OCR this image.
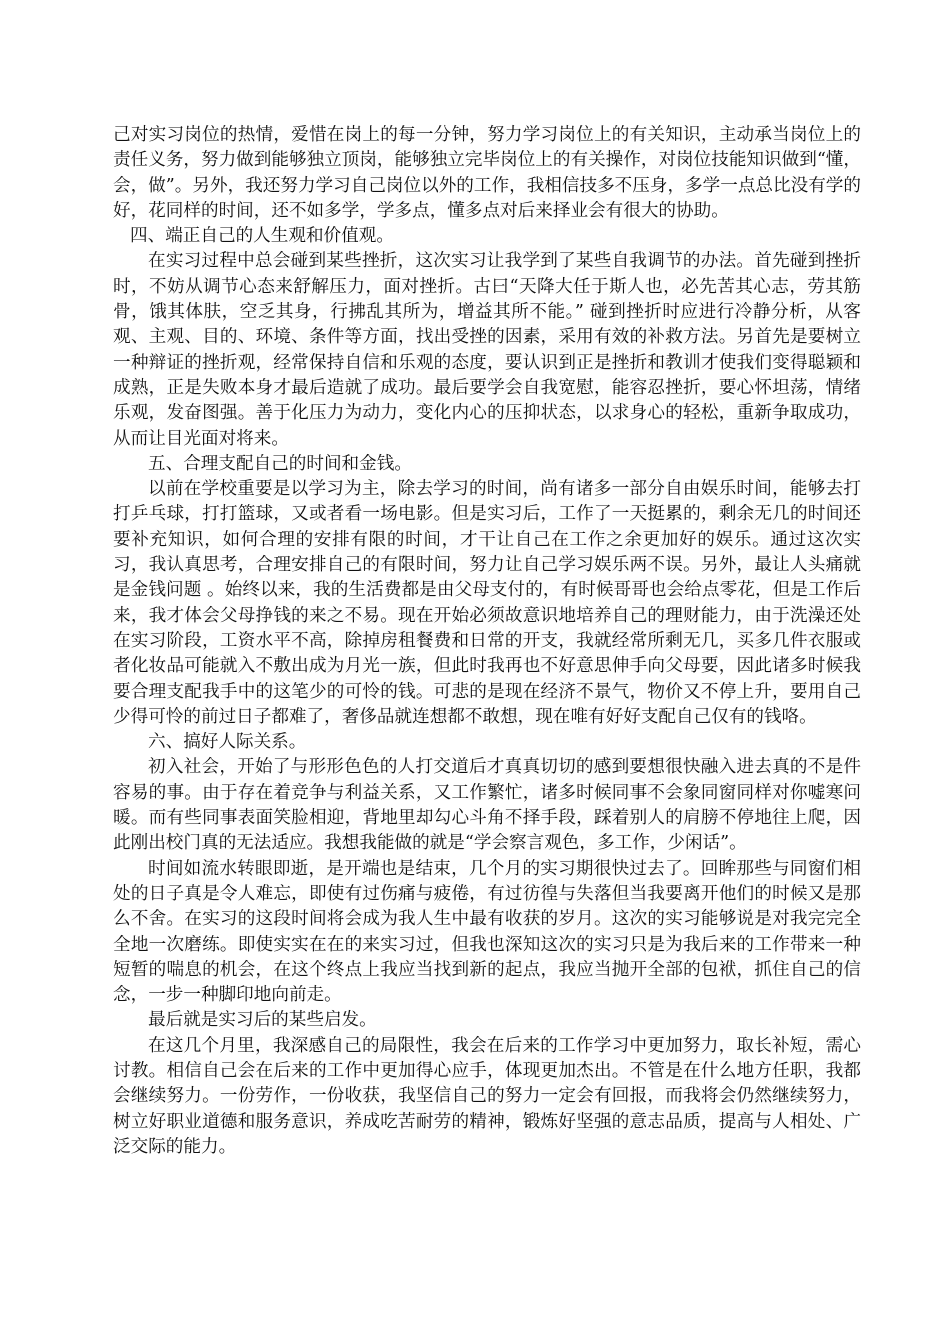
己对实习岗位的热情，爱惜在岗上的每一分钟，努力学习岗位上的有关知识，主动承当岗位上的责任义务，努力做到能够独立顶岗，能够独立完毕岗位上的有关操作，对岗位技能知识做到“懂，会，做”。另外，我还努力学习自己岗位以外的工作，我相信技多不压身，多学一点总比没有学的好，花同样的时间，还不如多学，学多点，懂多点对后来择业会有很大的协助。

四、端正自己的人生观和价值观。

在实习过程中总会碰到某些挫折，这次实习让我学到了某些自我调节的办法。首先碰到挫折时，不妨从调节心态来舒解压力，面对挫折。古曰“天降大任于斯人也，必先苦其心志，劳其筋骨，饿其体肤，空乏其身，行拂乱其所为，增益其所不能。” 碰到挫折时应进行冷静分析，从客观、主观、目的、环境、条件等方面，找出受挫的因素，采用有效的补救方法。另首先是要树立一种辩证的挫折观，经常保持自信和乐观的态度，要认识到正是挫折和教训才使我们变得聪颖和成熟，正是失败本身才最后造就了成功。最后要学会自我宽慰，能容忍挫折，要心怀坦荡，情绪乐观，发奋图强。善于化压力为动力，变化内心的压抑状态，以求身心的轻松，重新争取成功，从而让目光面对将来。

五、合理支配自己的时间和金钱。

以前在学校重要是以学习为主，除去学习的时间，尚有诸多一部分自由娱乐时间，能够去打打乒乓球，打打篮球，又或者看一场电影。但是实习后，工作了一天挺累的，剩余无几的时间还要补充知识，如何合理的安排有限的时间，才干让自己在工作之余更加好的娱乐。通过这次实习，我认真思考，合理安排自己的有限时间，努力让自己学习娱乐两不误。另外，最让人头痛就是金钱问题 。始终以来，我的生活费都是由父母支付的，有时候哥哥也会给点零花，但是工作后来，我才体会父母挣钱的来之不易。现在开始必须故意识地培养自己的理财能力，由于洗澡还处在实习阶段，工资水平不高，除掉房租餐费和日常的开支，我就经常所剩无几，买多几件衣服或者化妆品可能就入不敷出成为月光一族，但此时我再也不好意思伸手向父母要，因此诸多时候我要合理支配我手中的这笔少的可怜的钱。可悲的是现在经济不景气，物价又不停上升，要用自己少得可怜的前过日子都难了，奢侈品就连想都不敢想，现在唯有好好支配自己仅有的钱咯。

六、搞好人际关系。

初入社会，开始了与形形色色的人打交道后才真真切切的感到要想很快融入进去真的不是件容易的事。由于存在着竞争与利益关系，又工作繁忙，诸多时候同事不会象同窗同样对你嘘寒问暖。而有些同事表面笑脸相迎，背地里却勾心斗角不择手段，踩着别人的肩膀不停地往上爬，因此刚出校门真的无法适应。我想我能做的就是“学会察言观色，多工作，少闲话”。

时间如流水转眼即逝，是开端也是结束，几个月的实习期很快过去了。回眸那些与同窗们相处的日子真是令人难忘，即使有过伤痛与疲倦，有过彷徨与失落但当我要离开他们的时候又是那么不舍。在实习的这段时间将会成为我人生中最有收获的岁月。这次的实习能够说是对我完完全全地一次磨练。即使实实在在的来实习过，但我也深知这次的实习只是为我后来的工作带来一种短暂的喘息的机会，在这个终点上我应当找到新的起点，我应当抛开全部的包袱，抓住自己的信念，一步一种脚印地向前走。

最后就是实习后的某些启发。

在这几个月里，我深感自己的局限性，我会在后来的工作学习中更加努力，取长补短，需心讨教。相信自己会在后来的工作中更加得心应手，体现更加杰出。不管是在什么地方任职，我都会继续努力。一份劳作，一份收获，我坚信自己的努力一定会有回报，而我将会仍然继续努力，树立好职业道德和服务意识，养成吃苦耐劳的精神，锻炼好坚强的意志品质，提高与人相处、广泛交际的能力。
